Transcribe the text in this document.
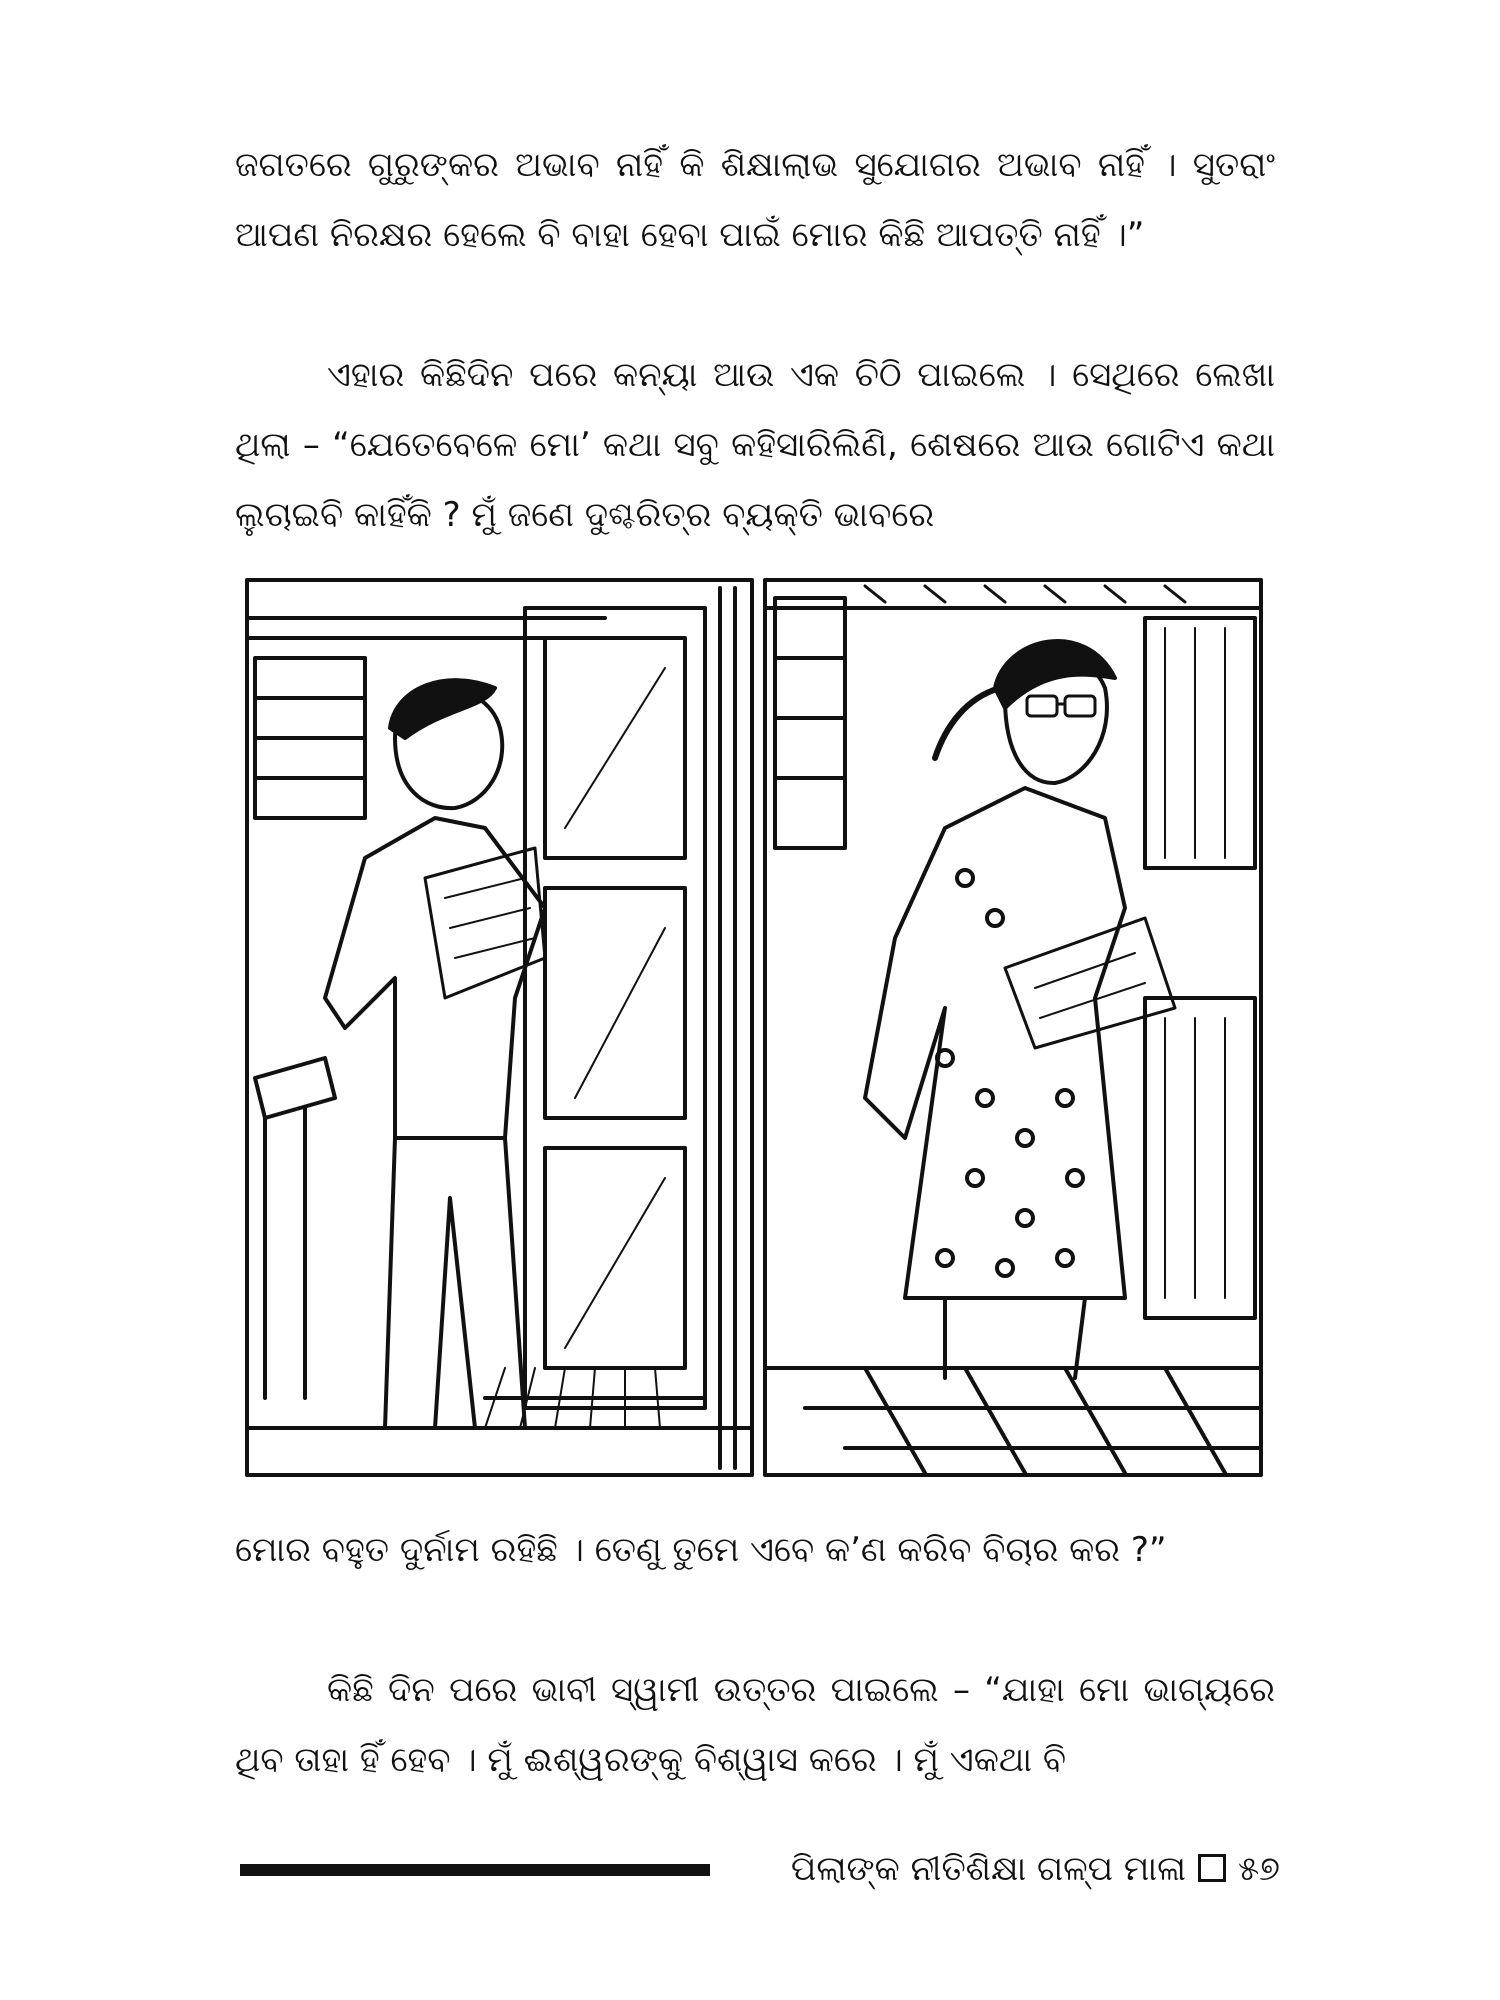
ଜଗତରେ ଗୁରୁଙ୍କର ଅଭାବ ନାହିଁ କି ଶିକ୍ଷାଲାଭ ସୁଯୋଗର ଅଭାବ ନାହିଁ । ସୁତରାଂ ଆପଣ ନିରକ୍ଷର ହେଲେ ବି ବାହା ହେବା ପାଇଁ ମୋର କିଛି ଆପତ୍ତି ନାହିଁ ।”

ଏହାର କିଛିଦିନ ପରେ କନ୍ୟା ଆଉ ଏକ ଚିଠି ପାଇଲେ । ସେଥିରେ ଲେଖା ଥିଲା – “ଯେତେବେଳେ ମୋ’ କଥା ସବୁ କହିସାରିଲିଣି, ଶେଷରେ ଆଉ ଗୋଟିଏ କଥା ଲୁଚାଇବି କାହିଁକି ? ମୁଁ ଜଣେ ଦୁଶ୍ଚରିତ୍ର ବ୍ୟକ୍ତି ଭାବରେ

ମୋର ବହୁତ ଦୁର୍ନାମ ରହିଛି । ତେଣୁ ତୁମେ ଏବେ କ’ଣ କରିବ ବିଚାର କର ?”

କିଛି ଦିନ ପରେ ଭାବୀ ସ୍ୱାମୀ ଉତ୍ତର ପାଇଲେ – “ଯାହା ମୋ ଭାଗ୍ୟରେ ଥିବ ତାହା ହିଁ ହେବ । ମୁଁ ଈଶ୍ୱରଙ୍କୁ ବିଶ୍ୱାସ କରେ । ମୁଁ ଏକଥା ବି

ପିଲାଙ୍କ ନୀତିଶିକ୍ଷା ଗଳ୍ପ ମାଳା ୫୭
